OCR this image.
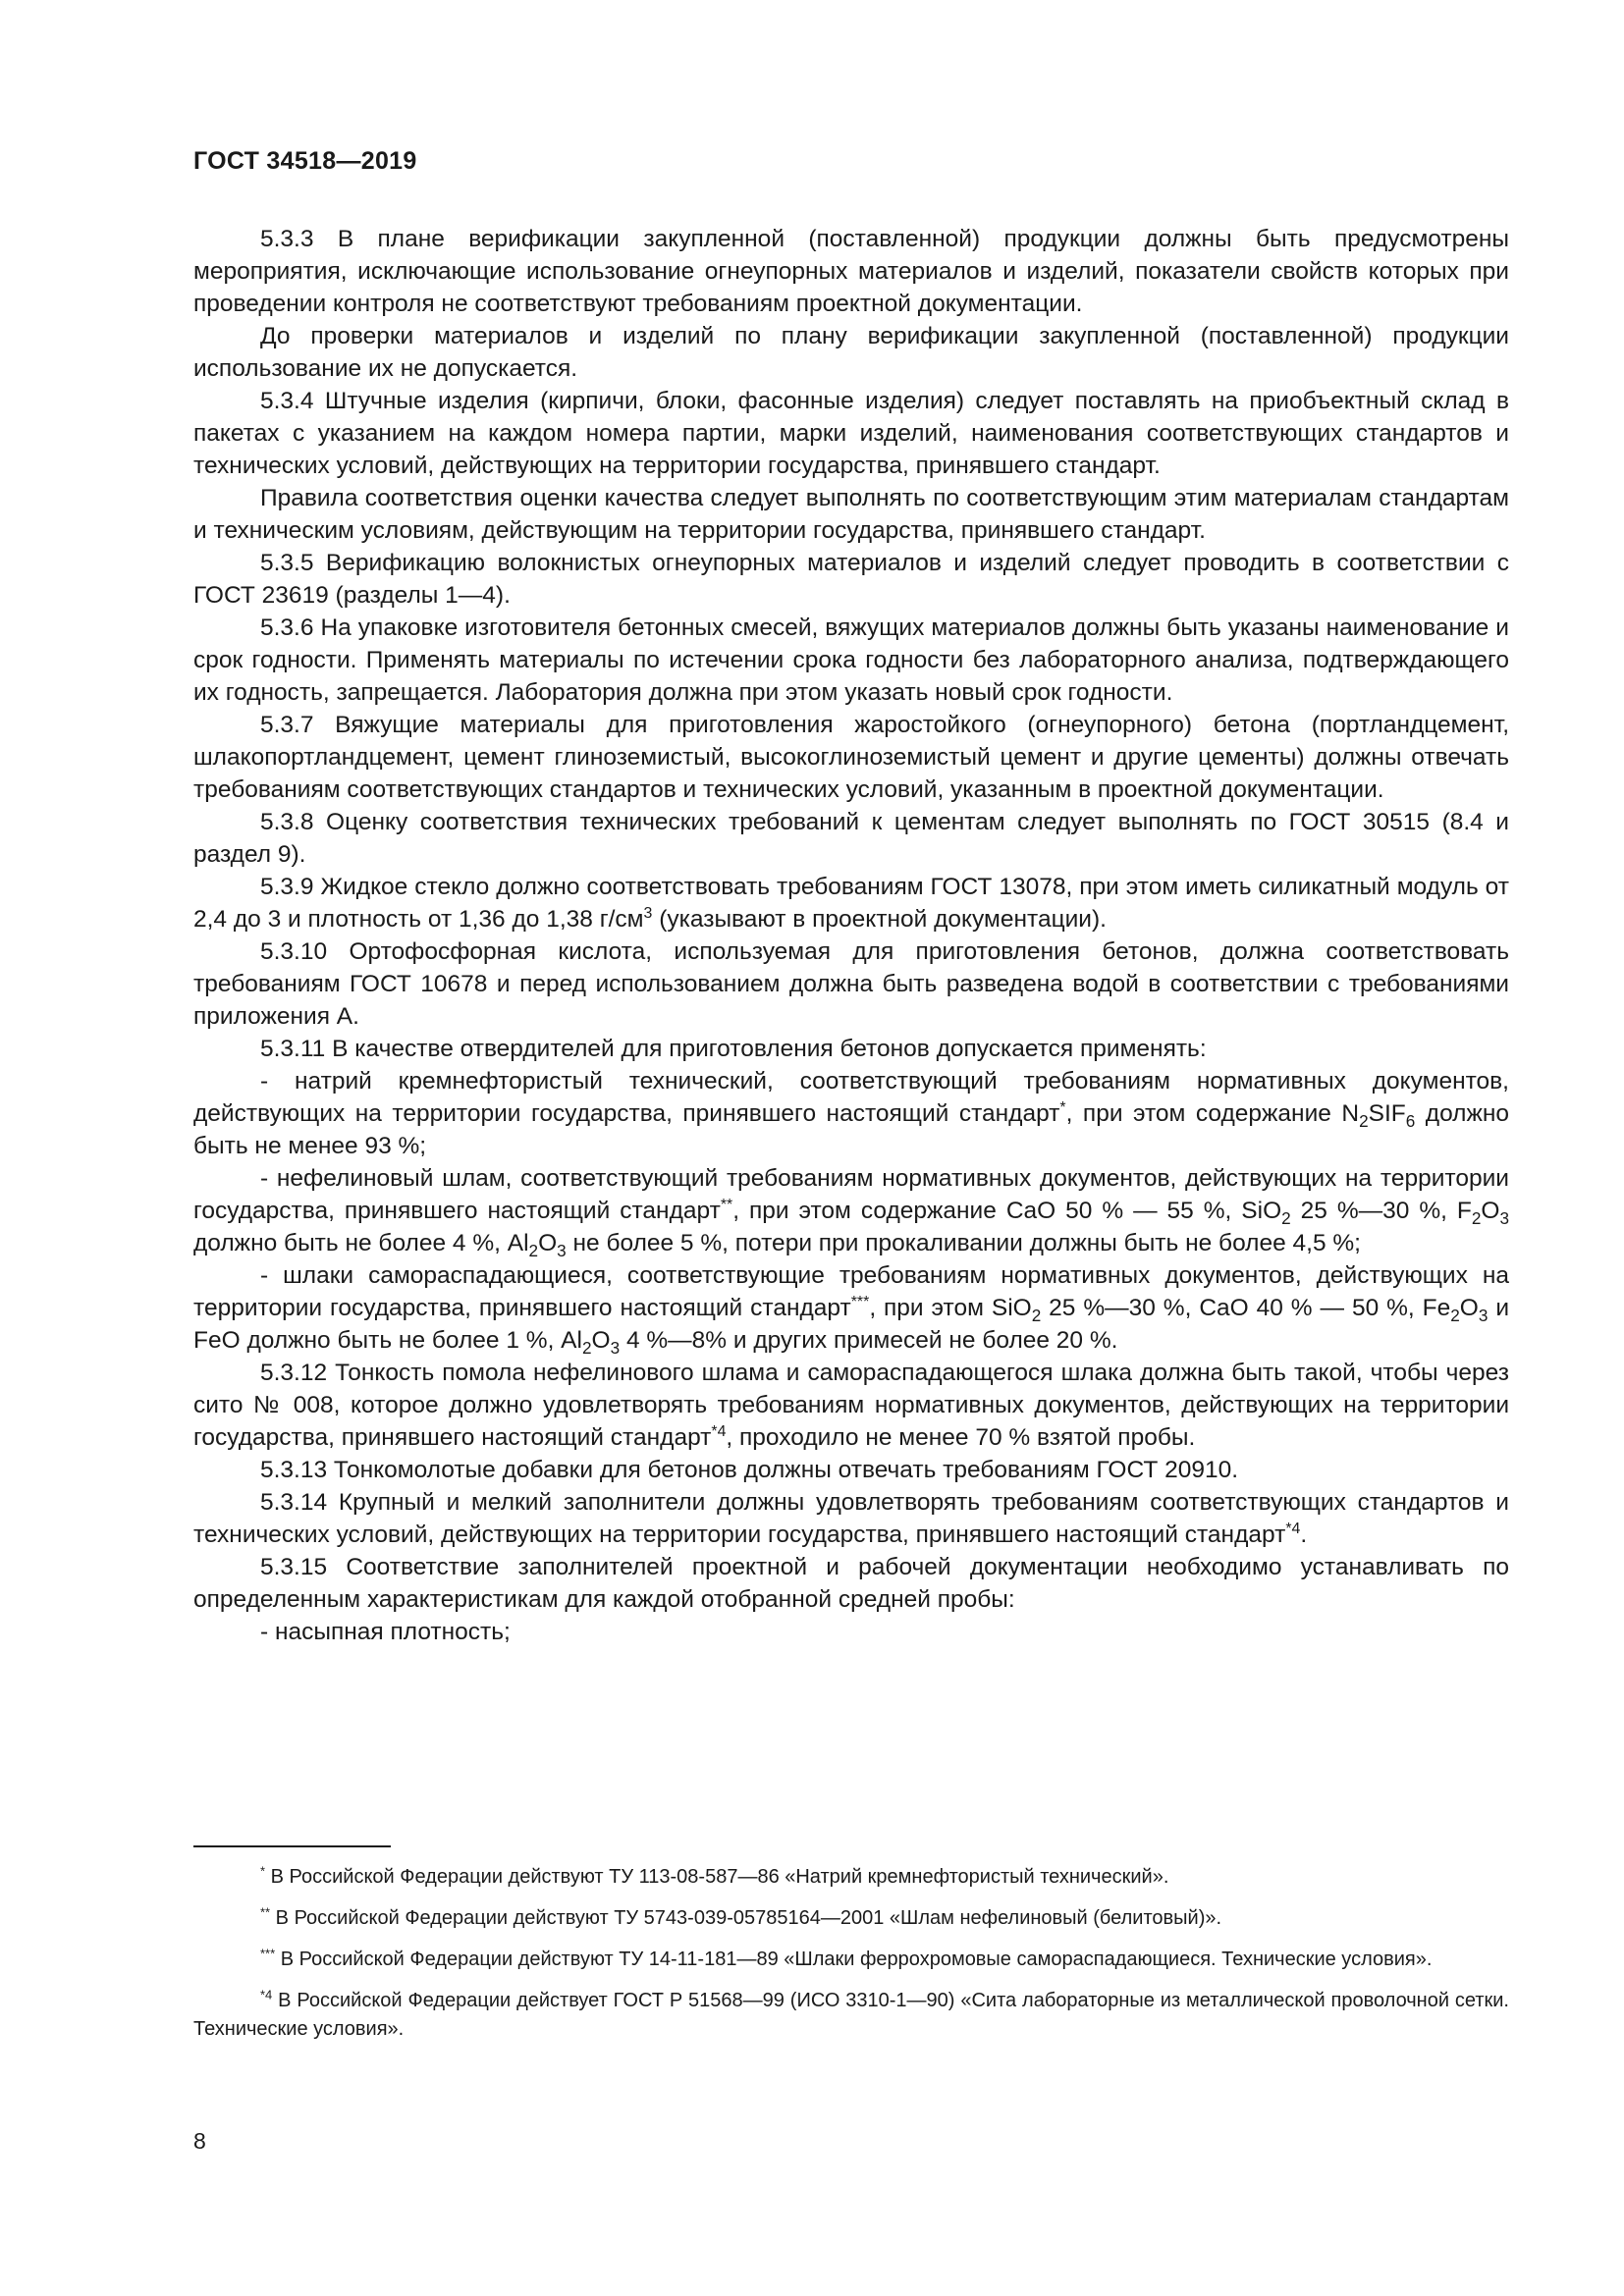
ГОСТ 34518—2019

5.3.3 В плане верификации закупленной (поставленной) продукции должны быть предусмотрены мероприятия, исключающие использование огнеупорных материалов и изделий, показатели свойств которых при проведении контроля не соответствуют требованиям проектной документации.

До проверки материалов и изделий по плану верификации закупленной (поставленной) продукции использование их не допускается.

5.3.4 Штучные изделия (кирпичи, блоки, фасонные изделия) следует поставлять на приобъектный склад в пакетах с указанием на каждом номера партии, марки изделий, наименования соответствующих стандартов и технических условий, действующих на территории государства, принявшего стандарт.

Правила соответствия оценки качества следует выполнять по соответствующим этим материалам стандартам и техническим условиям, действующим на территории государства, принявшего стандарт.

5.3.5 Верификацию волокнистых огнеупорных материалов и изделий следует проводить в соответствии с ГОСТ 23619 (разделы 1—4).

5.3.6 На упаковке изготовителя бетонных смесей, вяжущих материалов должны быть указаны наименование и срок годности. Применять материалы по истечении срока годности без лабораторного анализа, подтверждающего их годность, запрещается. Лаборатория должна при этом указать новый срок годности.

5.3.7 Вяжущие материалы для приготовления жаростойкого (огнеупорного) бетона (портландцемент, шлакопортландцемент, цемент глиноземистый, высокоглиноземистый цемент и другие цементы) должны отвечать требованиям соответствующих стандартов и технических условий, указанным в проектной документации.

5.3.8 Оценку соответствия технических требований к цементам следует выполнять по ГОСТ 30515 (8.4 и раздел 9).

5.3.9 Жидкое стекло должно соответствовать требованиям ГОСТ 13078, при этом иметь силикатный модуль от 2,4 до 3 и плотность от 1,36 до 1,38 $г/см^3$ (указывают в проектной документации).

5.3.10 Ортофосфорная кислота, используемая для приготовления бетонов, должна соответствовать требованиям ГОСТ 10678 и перед использованием должна быть разведена водой в соответствии с требованиями приложения А.

5.3.11 В качестве отвердителей для приготовления бетонов допускается применять:

- натрий кремнефтористый технический, соответствующий требованиям нормативных документов, действующих на территории государства, принявшего настоящий стандарт*, при этом содержание $N_2SIF_6$ должно быть не менее 93 %;

- нефелиновый шлам, соответствующий требованиям нормативных документов, действующих на территории государства, принявшего настоящий стандарт**, при этом содержание CaO 50 % — 55 %, SiO$_2$ 25 %—30 %, $F_2O_3$ должно быть не более 4 %, $Al_2O_3$ не более 5 %, потери при прокаливании должны быть не более 4,5 %;

- шлаки самораспадающиеся, соответствующие требованиям нормативных документов, действующих на территории государства, принявшего настоящий стандарт***, при этом SiO$_2$ 25 %—30 %, CaO 40 % — 50 %, $Fe_2O_3$ и FeO должно быть не более 1 %, $Al_2O_3$ 4 %—8% и других примесей не более 20 %.

5.3.12 Тонкость помола нефелинового шлама и самораспадающегося шлака должна быть такой, чтобы через сито № 008, которое должно удовлетворять требованиям нормативных документов, действующих на территории государства, принявшего настоящий стандарт$^{*4}$, проходило не менее 70 % взятой пробы.

5.3.13 Тонкомолотые добавки для бетонов должны отвечать требованиям ГОСТ 20910.

5.3.14 Крупный и мелкий заполнители должны удовлетворять требованиям соответствующих стандартов и технических условий, действующих на территории государства, принявшего настоящий стандарт$^{*4}$.

5.3.15 Соответствие заполнителей проектной и рабочей документации необходимо устанавливать по определенным характеристикам для каждой отобранной средней пробы:

- насыпная плотность;

* В Российской Федерации действуют ТУ 113-08-587—86 «Натрий кремнефтористый технический».

** В Российской Федерации действуют ТУ 5743-039-05785164—2001 «Шлам нефелиновый (белитовый)».

*** В Российской Федерации действуют ТУ 14-11-181—89 «Шлаки феррохромовые самораспадающиеся. Технические условия».

$^{*4}$ В Российской Федерации действует ГОСТ Р 51568—99 (ИСО 3310-1—90) «Сита лабораторные из металлической проволочной сетки. Технические условия».

8
